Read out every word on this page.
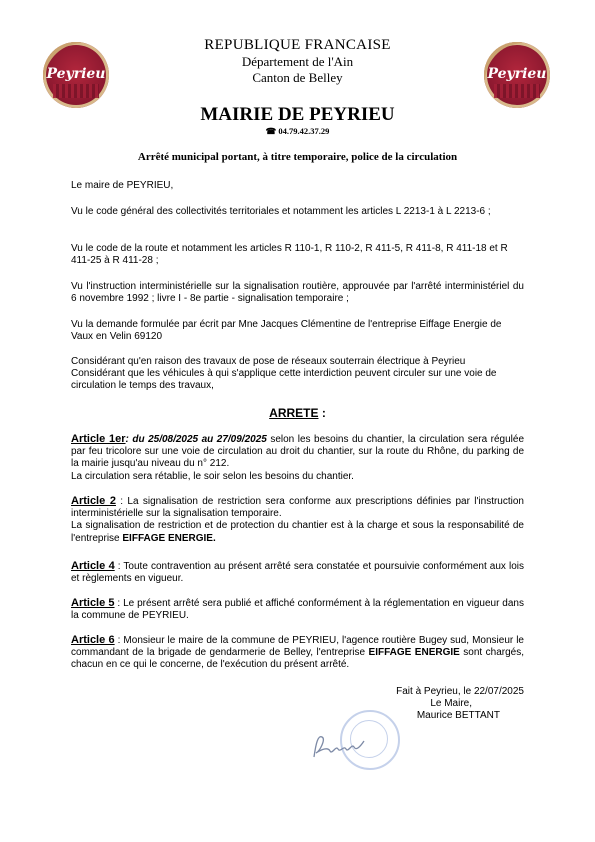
Peyrieu	Peyrieu
REPUBLIQUE FRANCAISE
Département de l'Ain
Canton de Belley
MAIRIE DE PEYRIEU
☎ 04.79.42.37.29
Arrêté municipal portant, à titre temporaire, police de la circulation
Le maire de PEYRIEU,
Vu le code général des collectivités territoriales et notamment les articles L 2213-1 à L 2213-6 ;
Vu le code de la route et notamment les articles R 110-1, R 110-2, R 411-5, R 411-8, R 411-18 et R 411-25 à R 411-28 ;
Vu l'instruction interministérielle sur la signalisation routière, approuvée par l'arrêté interministériel du 6 novembre 1992 ; livre I - 8e partie - signalisation temporaire ;
Vu la demande formulée par écrit par Mne Jacques Clémentine de l'entreprise Eiffage Energie de Vaux en Velin 69120
Considérant qu'en raison des travaux de pose de réseaux souterrain électrique à Peyrieu
Considérant que les véhicules à qui s'applique cette interdiction peuvent circuler sur une voie de circulation le temps des travaux,
ARRETE :
Article 1er: du 25/08/2025 au 27/09/2025 selon les besoins du chantier, la circulation sera régulée par feu tricolore sur une voie de circulation au droit du chantier, sur la route du Rhône, du parking de la mairie jusqu'au niveau du n° 212.
La circulation sera rétablie, le soir selon les besoins du chantier.
Article 2 : La signalisation de restriction sera conforme aux prescriptions définies par l'instruction interministérielle sur la signalisation temporaire.
La signalisation de restriction et de protection du chantier est à la charge et sous la responsabilité de l'entreprise EIFFAGE ENERGIE.
Article 4 : Toute contravention au présent arrêté sera constatée et poursuivie conformément aux lois et règlements en vigueur.
Article 5 : Le présent arrêté sera publié et affiché conformément à la réglementation en vigueur dans la commune de PEYRIEU.
Article 6 : Monsieur le maire de la commune de PEYRIEU, l'agence routière Bugey sud, Monsieur le commandant de la brigade de gendarmerie de Belley, l'entreprise EIFFAGE ENERGIE sont chargés, chacun en ce qui le concerne, de l'exécution du présent arrêté.
Fait à Peyrieu, le 22/07/2025
Le Maire,
Maurice BETTANT
